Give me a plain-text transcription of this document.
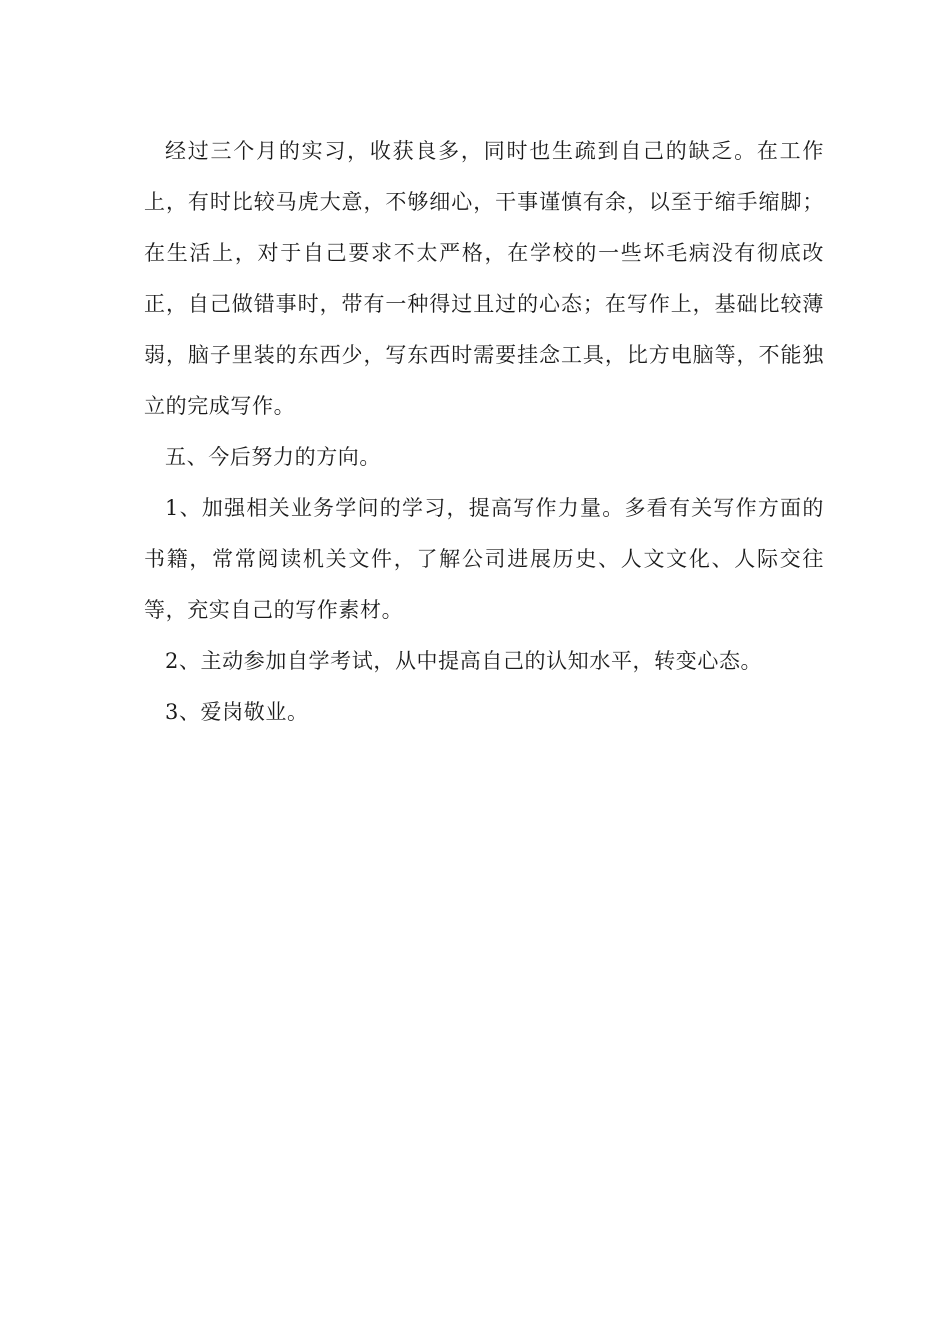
经过三个月的实习，收获良多，同时也生疏到自己的缺乏。在工作上，有时比较马虎大意，不够细心，干事谨慎有余，以至于缩手缩脚；在生活上，对于自己要求不太严格，在学校的一些坏毛病没有彻底改正，自己做错事时，带有一种得过且过的心态；在写作上，基础比较薄弱，脑子里装的东西少，写东西时需要挂念工具，比方电脑等，不能独立的完成写作。

五、今后努力的方向。

1、加强相关业务学问的学习，提高写作力量。多看有关写作方面的书籍，常常阅读机关文件，了解公司进展历史、人文文化、人际交往等，充实自己的写作素材。

2、主动参加自学考试，从中提高自己的认知水平，转变心态。

3、爱岗敬业。
